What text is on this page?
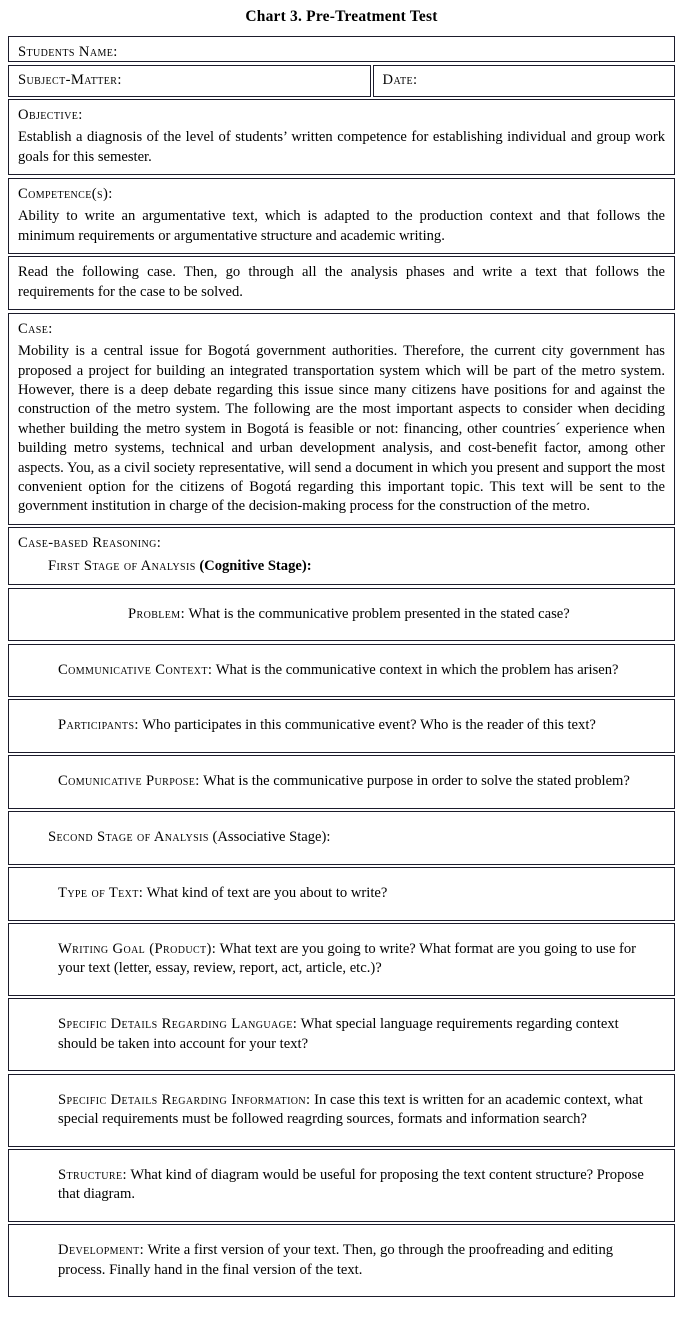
Chart 3. Pre-Treatment Test
Students Name:
Subject-Matter:	Date:
Objective:

Establish a diagnosis of the level of students’ written competence for establishing individual and group work goals for this semester.

Competence(s):

Ability to write an argumentative text, which is adapted to the production context and that follows the minimum requirements or argumentative structure and academic writing.

Read the following case. Then, go through all the analysis phases and write a text that follows the requirements for the case to be solved.

Case:

Mobility is a central issue for Bogotá government authorities. Therefore, the current city government has proposed a project for building an integrated transportation system which will be part of the metro system. However, there is a deep debate regarding this issue since many citizens have positions for and against the construction of the metro system. The following are the most important aspects to consider when deciding whether building the metro system in Bogotá is feasible or not: financing, other countries´ experience when building metro systems, technical and urban development analysis, and cost-benefit factor, among other aspects. You, as a civil society representative, will send a document in which you present and support the most convenient option for the citizens of Bogotá regarding this important topic. This text will be sent to the government institution in charge of the decision-making process for the construction of the metro.

Case-based Reasoning:
First Stage of Analysis (Cognitive Stage):
Problem: What is the communicative problem presented in the stated case?
Communicative Context: What is the communicative context in which the problem has arisen?
Participants: Who participates in this communicative event? Who is the reader of this text?
Comunicative Purpose: What is the communicative purpose in order to solve the stated problem?
Second Stage of Analysis (Associative Stage):
Type of Text: What kind of text are you about to write?
Writing Goal (Product): What text are you going to write? What format are you going to use for your text (letter, essay, review, report, act, article, etc.)?
Specific Details Regarding Language: What special language requirements regarding context should be taken into account for your text?
Specific Details Regarding Information: In case this text is written for an academic context, what special requirements must be followed reagrding sources, formats and information search?
Structure: What kind of diagram would be useful for proposing the text content structure? Propose that diagram.
Development: Write a first version of your text. Then, go through the proofreading and editing process. Finally hand in the final version of the text.
